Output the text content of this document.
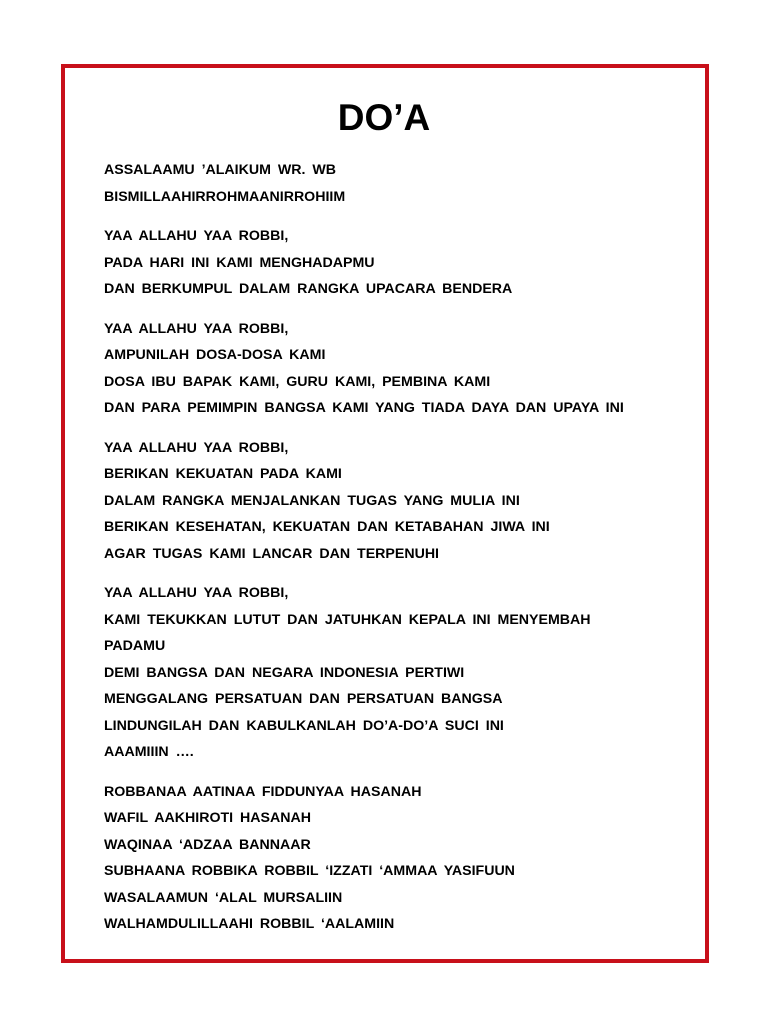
DO’A
ASSALAAMU ’ALAIKUM WR. WB
BISMILLAAHIRROHMAANIRROHIIM
YAA ALLAHU YAA ROBBI,
PADA HARI INI KAMI MENGHADAPMU
DAN BERKUMPUL DALAM RANGKA UPACARA BENDERA
YAA ALLAHU YAA ROBBI,
AMPUNILAH DOSA-DOSA KAMI
DOSA IBU BAPAK KAMI, GURU KAMI, PEMBINA KAMI
DAN PARA PEMIMPIN BANGSA KAMI YANG TIADA DAYA DAN UPAYA INI
YAA ALLAHU YAA ROBBI,
BERIKAN KEKUATAN PADA KAMI
DALAM RANGKA MENJALANKAN TUGAS YANG MULIA INI
BERIKAN KESEHATAN, KEKUATAN DAN KETABAHAN JIWA INI
AGAR TUGAS KAMI LANCAR DAN TERPENUHI
YAA ALLAHU YAA ROBBI,
KAMI TEKUKKAN LUTUT DAN JATUHKAN KEPALA INI MENYEMBAH
PADAMU
DEMI BANGSA DAN NEGARA INDONESIA PERTIWI
MENGGALANG PERSATUAN DAN PERSATUAN BANGSA
LINDUNGILAH DAN KABULKANLAH DO’A-DO’A SUCI INI
AAAMIIIN ….
ROBBANAA AATINAA FIDDUNYAA HASANAH
WAFIL AAKHIROTI HASANAH
WAQINAA ‘ADZAA BANNAAR
SUBHAANA ROBBIKA ROBBIL ‘IZZATI ‘AMMAA YASIFUUN
WASALAAMUN ‘ALAL MURSALIIN
WALHAMDULILLAAHI ROBBIL ‘AALAMIIN
